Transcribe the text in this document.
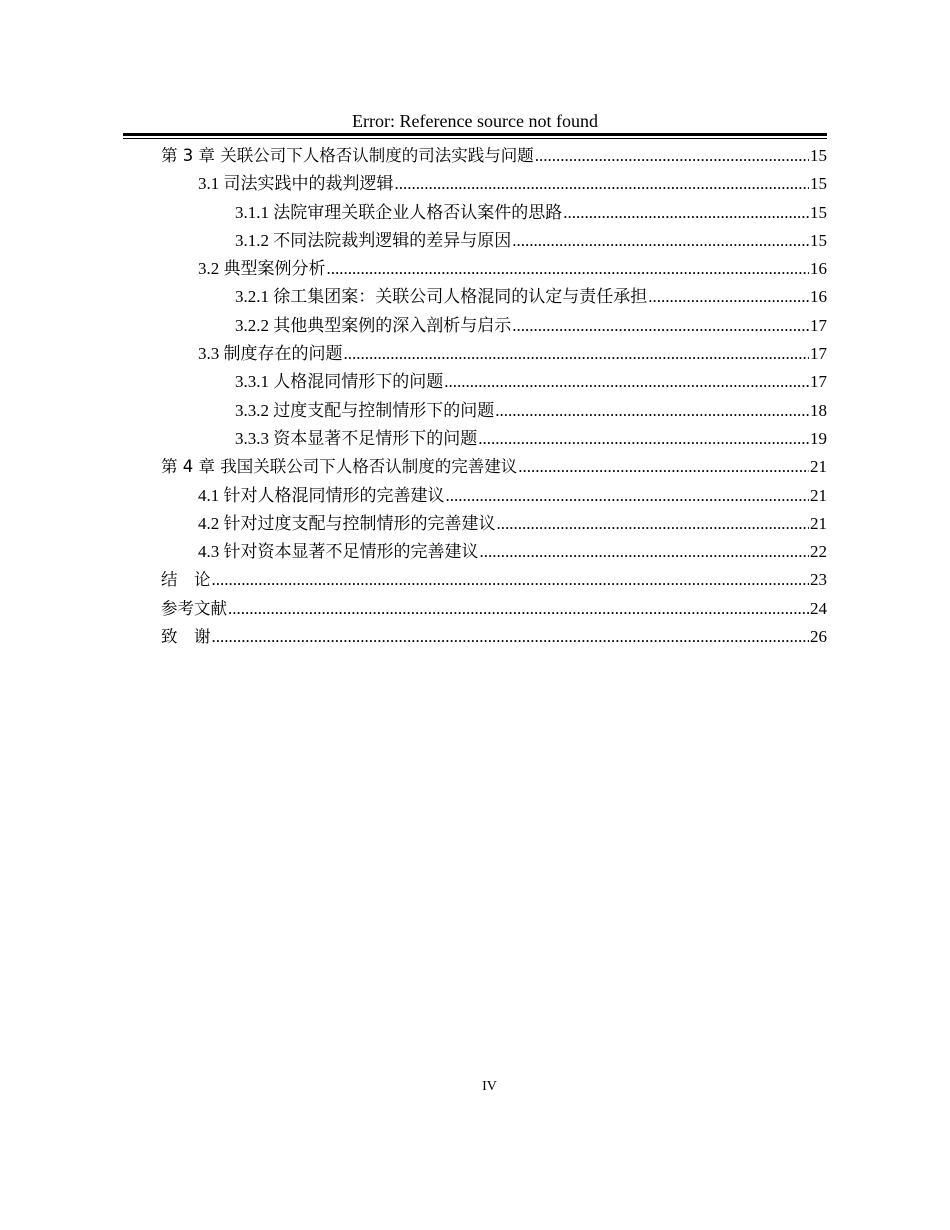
Error: Reference source not found
第 3 章 关联公司下人格否认制度的司法实践与问题 .....	15
3.1 司法实践中的裁判逻辑 .....	15
3.1.1 法院审理关联企业人格否认案件的思路 .....	15
3.1.2 不同法院裁判逻辑的差异与原因 .....	15
3.2 典型案例分析 .....	16
3.2.1 徐工集团案：关联公司人格混同的认定与责任承担 .....	16
3.2.2 其他典型案例的深入剖析与启示 .....	17
3.3 制度存在的问题 .....	17
3.3.1 人格混同情形下的问题 .....	17
3.3.2 过度支配与控制情形下的问题 .....	18
3.3.3 资本显著不足情形下的问题 .....	19
第 4 章 我国关联公司下人格否认制度的完善建议 .....	21
4.1 针对人格混同情形的完善建议 .....	21
4.2 针对过度支配与控制情形的完善建议 .....	21
4.3 针对资本显著不足情形的完善建议 .....	22
结　论 .....	23
参考文献 .....	24
致　谢 .....	26
IV
